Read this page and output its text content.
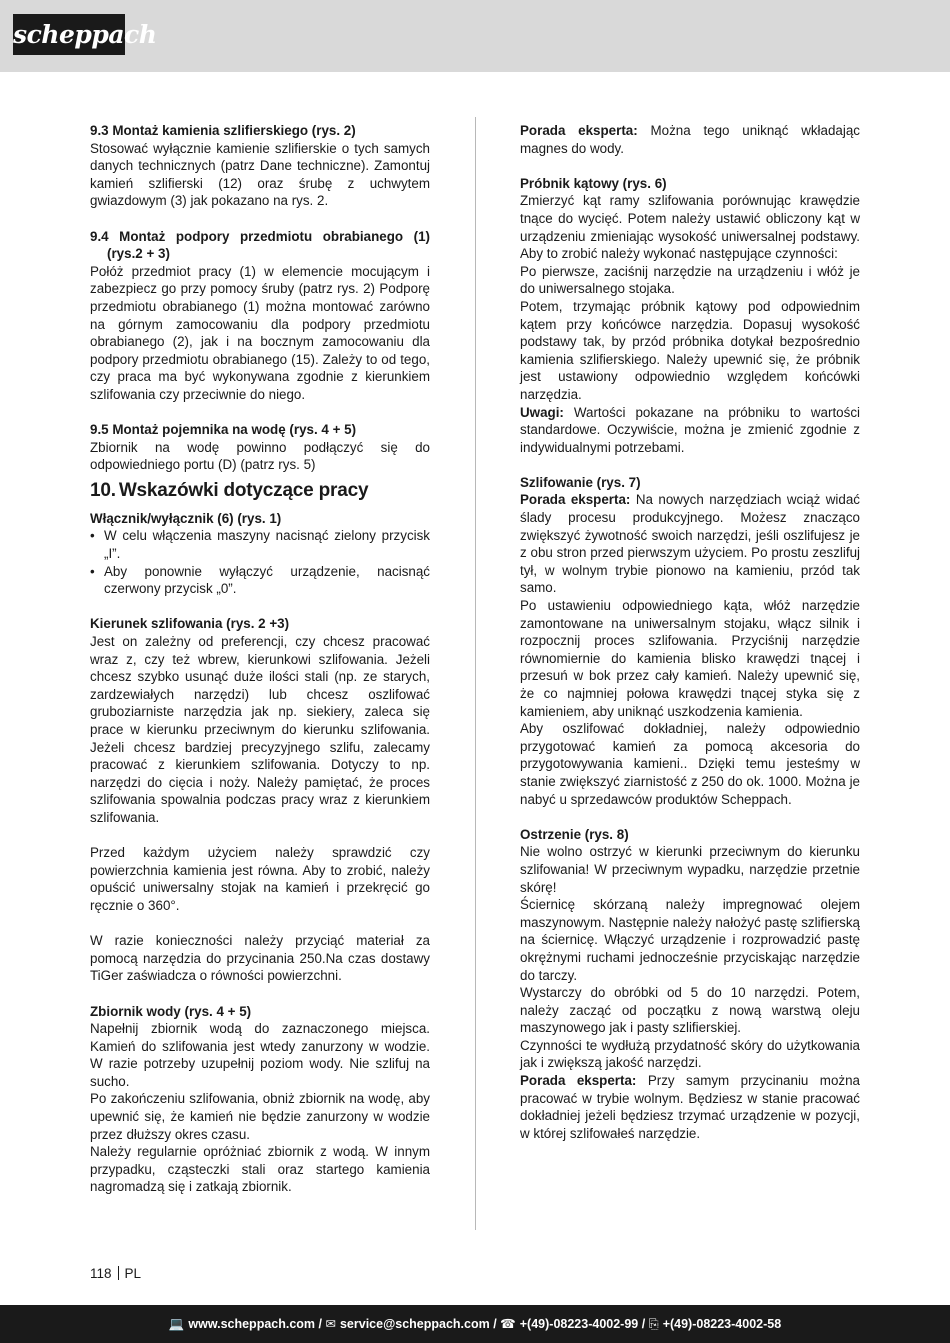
scheppach

9.3 Montaż kamienia szlifierskiego (rys. 2)

Stosować wyłącznie kamienie szlifierskie o tych samych danych technicznych (patrz Dane techniczne). Zamontuj kamień szlifierski (12) oraz śrubę z uchwytem gwiazdowym (3) jak pokazano na rys. 2.

9.4 Montaż podpory przedmiotu obrabianego (1) (rys.2 + 3)

Połóż przedmiot pracy (1) w elemencie mocującym i zabezpiecz go przy pomocy śruby (patrz rys. 2) Podporę przedmiotu obrabianego (1) można montować zarówno na górnym zamocowaniu dla podpory przedmiotu obrabianego (2), jak i na bocznym zamocowaniu dla podpory przedmiotu obrabianego (15). Zależy to od tego, czy praca ma być wykonywana zgodnie z kierunkiem szlifowania czy przeciwnie do niego.

9.5 Montaż pojemnika na wodę (rys. 4 + 5)

Zbiornik na wodę powinno podłączyć się do odpowiedniego portu (D) (patrz rys. 5)

10. Wskazówki dotyczące pracy

Włącznik/wyłącznik (6) (rys. 1)

• W celu włączenia maszyny nacisnąć zielony przycisk „I”.

• Aby ponownie wyłączyć urządzenie, nacisnąć czerwony przycisk „0”.

Kierunek szlifowania (rys. 2 +3)

Jest on zależny od preferencji, czy chcesz pracować wraz z, czy też wbrew, kierunkowi szlifowania. Jeżeli chcesz szybko usunąć duże ilości stali (np. ze starych, zardzewiałych narzędzi) lub chcesz oszlifować gruboziarniste narzędzia jak np. siekiery, zaleca się prace w kierunku przeciwnym do kierunku szlifowania. Jeżeli chcesz bardziej precyzyjnego szlifu, zalecamy pracować z kierunkiem szlifowania. Dotyczy to np. narzędzi do cięcia i noży. Należy pamiętać, że proces szlifowania spowalnia podczas pracy wraz z kierunkiem szlifowania.

Przed każdym użyciem należy sprawdzić czy powierzchnia kamienia jest równa. Aby to zrobić, należy opuścić uniwersalny stojak na kamień i przekręcić go ręcznie o 360°.

W razie konieczności należy przyciąć materiał za pomocą narzędzia do przycinania 250.Na czas dostawy TiGer zaświadcza o równości powierzchni.

Zbiornik wody (rys. 4 + 5)

Napełnij zbiornik wodą do zaznaczonego miejsca. Kamień do szlifowania jest wtedy zanurzony w wodzie. W razie potrzeby uzupełnij poziom wody. Nie szlifuj na sucho.

Po zakończeniu szlifowania, obniż zbiornik na wodę, aby upewnić się, że kamień nie będzie zanurzony w wodzie przez dłuższy okres czasu.

Należy regularnie opróżniać zbiornik z wodą. W innym przypadku, cząsteczki stali oraz startego kamienia nagromadzą się i zatkają zbiornik.

Porada eksperta: Można tego uniknąć wkładając magnes do wody.

Próbnik kątowy (rys. 6)

Zmierzyć kąt ramy szlifowania porównując krawędzie tnące do wycięć. Potem należy ustawić obliczony kąt w urządzeniu zmieniając wysokość uniwersalnej podstawy. Aby to zrobić należy wykonać następujące czynności:

Po pierwsze, zaciśnij narzędzie na urządzeniu i włóż je do uniwersalnego stojaka.

Potem, trzymając próbnik kątowy pod odpowiednim kątem przy końcówce narzędzia. Dopasuj wysokość podstawy tak, by przód próbnika dotykał bezpośrednio kamienia szlifierskiego. Należy upewnić się, że próbnik jest ustawiony odpowiednio względem końcówki narzędzia.

Uwagi: Wartości pokazane na próbniku to wartości standardowe. Oczywiście, można je zmienić zgodnie z indywidualnymi potrzebami.

Szlifowanie (rys. 7)

Porada eksperta: Na nowych narzędziach wciąż widać ślady procesu produkcyjnego. Możesz znacząco zwiększyć żywotność swoich narzędzi, jeśli oszlifujesz je z obu stron przed pierwszym użyciem. Po prostu zeszlifuj tył, w wolnym trybie pionowo na kamieniu, przód tak samo.

Po ustawieniu odpowiedniego kąta, włóż narzędzie zamontowane na uniwersalnym stojaku, włącz silnik i rozpocznij proces szlifowania. Przyciśnij narzędzie równomiernie do kamienia blisko krawędzi tnącej i przesuń w bok przez cały kamień. Należy upewnić się, że co najmniej połowa krawędzi tnącej styka się z kamieniem, aby uniknąć uszkodzenia kamienia.

Aby oszlifować dokładniej, należy odpowiednio przygotować kamień za pomocą akcesoria do przygotowywania kamieni.. Dzięki temu jesteśmy w stanie zwiększyć ziarnistość z 250 do ok. 1000. Można je nabyć u sprzedawców produktów Scheppach.

Ostrzenie (rys. 8)

Nie wolno ostrzyć w kierunki przeciwnym do kierunku szlifowania! W przeciwnym wypadku, narzędzie przetnie skórę!

Ściernicę skórzaną należy impregnować olejem maszynowym. Następnie należy nałożyć pastę szlifierską na ściernicę. Włączyć urządzenie i rozprowadzić pastę okrężnymi ruchami jednocześnie przyciskając narzędzie do tarczy.

Wystarczy do obróbki od 5 do 10 narzędzi. Potem, należy zacząć od początku z nową warstwą oleju maszynowego jak i pasty szlifierskiej.

Czynności te wydłużą przydatność skóry do użytkowania jak i zwiększą jakość narzędzi.

Porada eksperta: Przy samym przycinaniu można pracować w trybie wolnym. Będziesz w stanie pracować dokładniej jeżeli będziesz trzymać urządzenie w pozycji, w której szlifowałeś narzędzie.

118 PL
💻 www.scheppach.com / ✉ service@scheppach.com / ☎ +(49)-08223-4002-99 / ⎘ +(49)-08223-4002-58
